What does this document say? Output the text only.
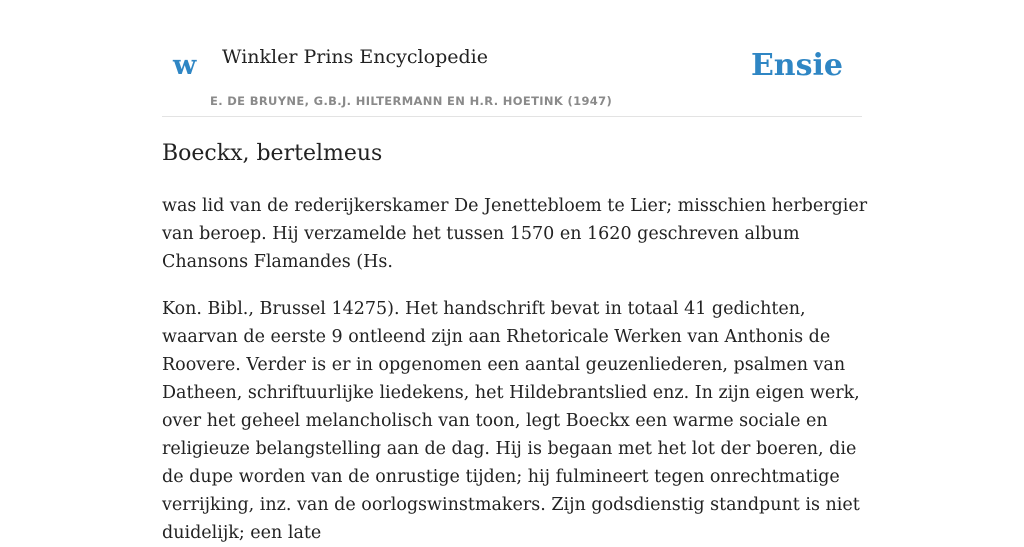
w Winkler Prins Encyclopedie
E. DE BRUYNE, G.B.J. HILTERMANN EN H.R. HOETINK (1947)
Ensie
Boeckx, bertelmeus

was lid van de rederijkerskamer De Jenettebloem te Lier; misschien herbergier van beroep. Hij verzamelde het tussen 1570 en 1620 geschreven album Chansons Flamandes (Hs.

Kon. Bibl., Brussel 14275). Het handschrift bevat in totaal 41 gedichten, waarvan de eerste 9 ontleend zijn aan Rhetoricale Werken van Anthonis de Roovere. Verder is er in opgenomen een aantal geuzenliederen, psalmen van Datheen, schriftuurlijke liedekens, het Hildebrantslied enz. In zijn eigen werk, over het geheel melancholisch van toon, legt Boeckx een warme sociale en religieuze belangstelling aan de dag. Hij is begaan met het lot der boeren, die de dupe worden van de onrustige tijden; hij fulmineert tegen onrechtmatige verrijking, inz. van de oorlogswinstmakers. Zijn godsdienstig standpunt is niet duidelijk; een late
